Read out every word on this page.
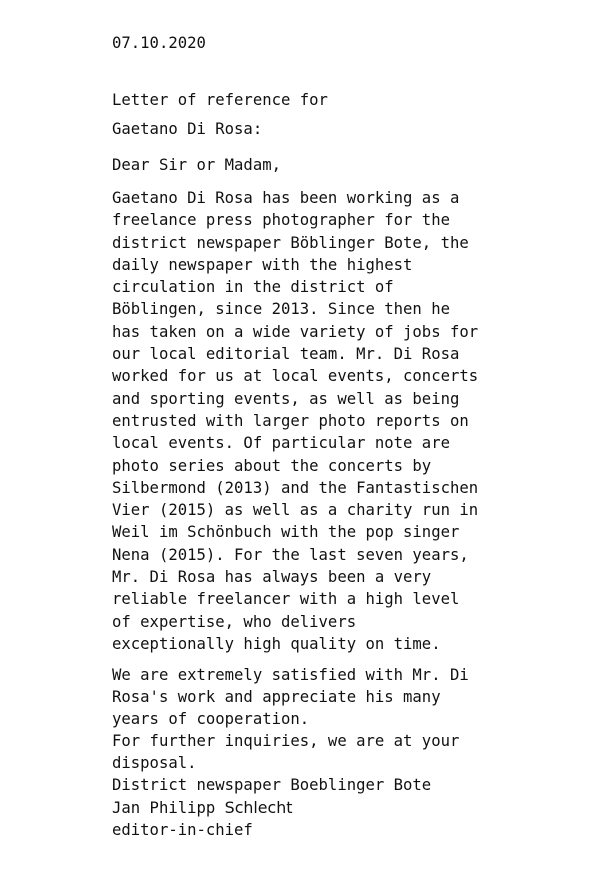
07.10.2020
Letter of reference for
Gaetano Di Rosa:
Dear Sir or Madam,
Gaetano Di Rosa has been working as a
freelance press photographer for the
district newspaper Böblinger Bote, the
daily newspaper with the highest
circulation in the district of
Böblingen, since 2013. Since then he
has taken on a wide variety of jobs for
our local editorial team. Mr. Di Rosa
worked for us at local events, concerts
and sporting events, as well as being
entrusted with larger photo reports on
local events. Of particular note are
photo series about the concerts by
Silbermond (2013) and the Fantastischen
Vier (2015) as well as a charity run in
Weil im Schönbuch with the pop singer
Nena (2015). For the last seven years,
Mr. Di Rosa has always been a very
reliable freelancer with a high level
of expertise, who delivers
exceptionally high quality on time.
We are extremely satisfied with Mr. Di
Rosa's work and appreciate his many
years of cooperation.
For further inquiries, we are at your
disposal.
District newspaper Boeblinger Bote
Jan Philipp Schlecht
editor-in-chief
